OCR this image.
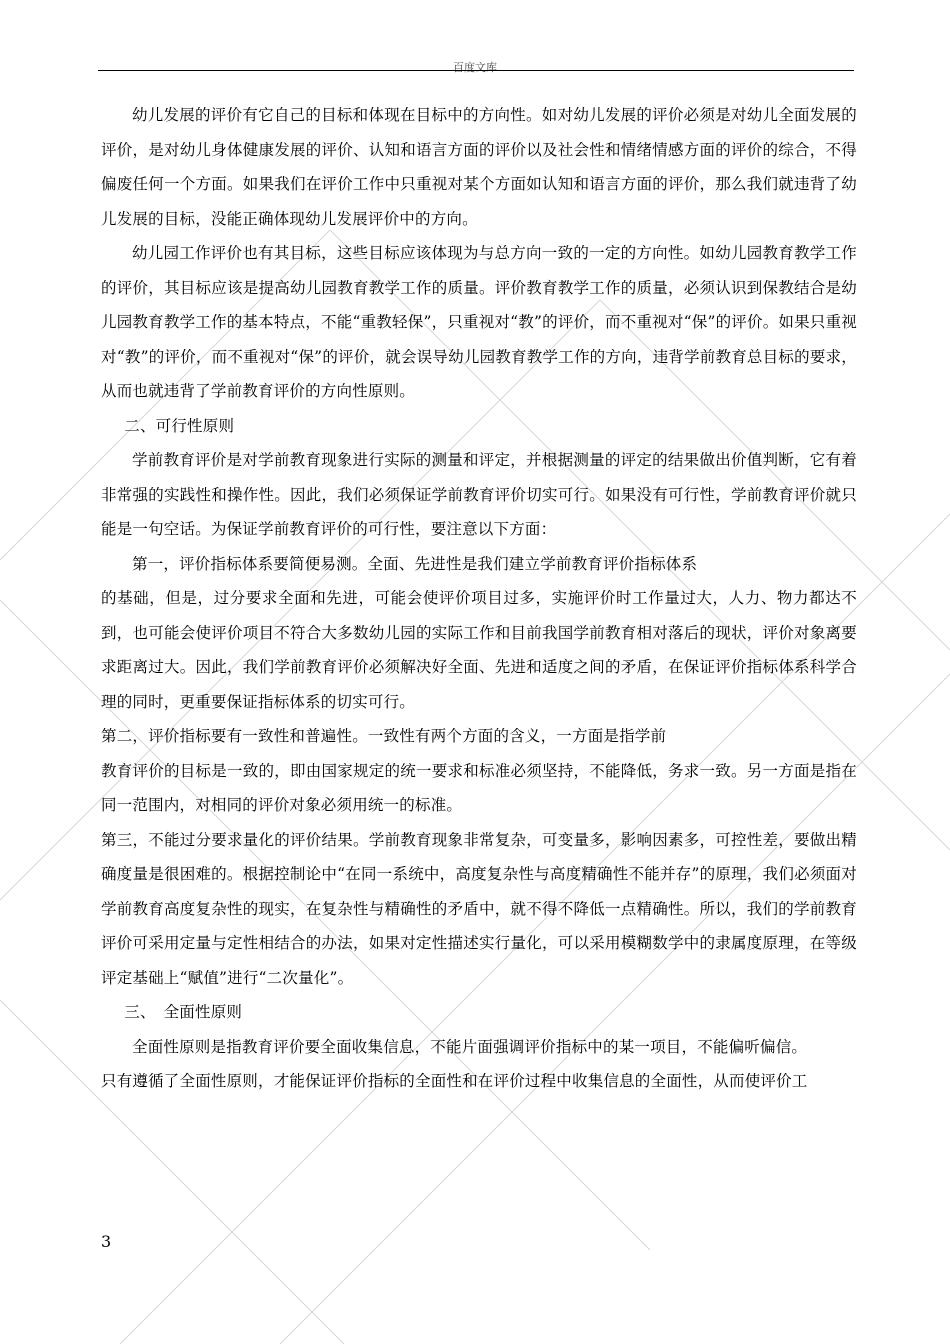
百度文库

幼儿发展的评价有它自己的目标和体现在目标中的方向性。如对幼儿发展的评价必须是对幼儿全面发展的评价，是对幼儿身体健康发展的评价、认知和语言方面的评价以及社会性和情绪情感方面的评价的综合，不得偏废任何一个方面。如果我们在评价工作中只重视对某个方面如认知和语言方面的评价，那么我们就违背了幼儿发展的目标，没能正确体现幼儿发展评价中的方向。

幼儿园工作评价也有其目标，这些目标应该体现为与总方向一致的一定的方向性。如幼儿园教育教学工作的评价，其目标应该是提高幼儿园教育教学工作的质量。评价教育教学工作的质量，必须认识到保教结合是幼儿园教育教学工作的基本特点，不能“重教轻保”，只重视对“教”的评价，而不重视对“保”的评价。如果只重视对“教”的评价，而不重视对“保”的评价，就会误导幼儿园教育教学工作的方向，违背学前教育总目标的要求，从而也就违背了学前教育评价的方向性原则。

二、可行性原则

学前教育评价是对学前教育现象进行实际的测量和评定，并根据测量的评定的结果做出价值判断，它有着非常强的实践性和操作性。因此，我们必须保证学前教育评价切实可行。如果没有可行性，学前教育评价就只能是一句空话。为保证学前教育评价的可行性，要注意以下方面：

第一，评价指标体系要简便易测。全面、先进性是我们建立学前教育评价指标体系

的基础，但是，过分要求全面和先进，可能会使评价项目过多，实施评价时工作量过大，人力、物力都达不到，也可能会使评价项目不符合大多数幼儿园的实际工作和目前我国学前教育相对落后的现状，评价对象离要求距离过大。因此，我们学前教育评价必须解决好全面、先进和适度之间的矛盾，在保证评价指标体系科学合理的同时，更重要保证指标体系的切实可行。

第二，评价指标要有一致性和普遍性。一致性有两个方面的含义，一方面是指学前

教育评价的目标是一致的，即由国家规定的统一要求和标准必须坚持，不能降低，务求一致。另一方面是指在同一范围内，对相同的评价对象必须用统一的标准。

第三，不能过分要求量化的评价结果。学前教育现象非常复杂，可变量多，影响因素多，可控性差，要做出精确度量是很困难的。根据控制论中“在同一系统中，高度复杂性与高度精确性不能并存”的原理，我们必须面对学前教育高度复杂性的现实，在复杂性与精确性的矛盾中，就不得不降低一点精确性。所以，我们的学前教育评价可采用定量与定性相结合的办法，如果对定性描述实行量化，可以采用模糊数学中的隶属度原理，在等级评定基础上“赋值”进行“二次量化”。

三、　全面性原则

全面性原则是指教育评价要全面收集信息，不能片面强调评价指标中的某一项目，不能偏听偏信。

只有遵循了全面性原则，才能保证评价指标的全面性和在评价过程中收集信息的全面性，从而使评价工

3
